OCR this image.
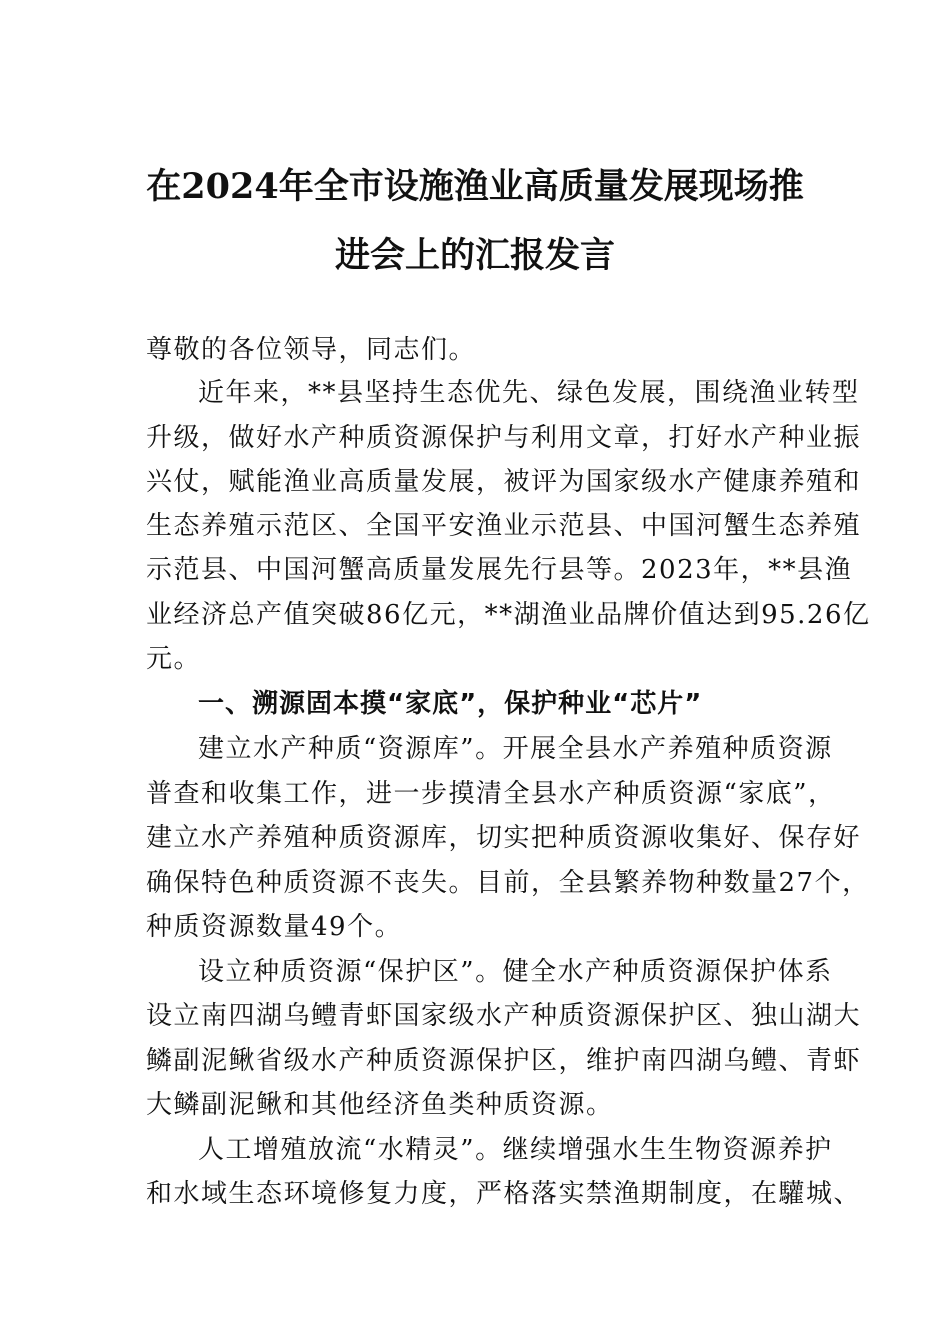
在2024年全市设施渔业高质量发展现场推
进会上的汇报发言
尊敬的各位领导，同志们。
近年来，**县坚持生态优先、绿色发展，围绕渔业转型
升级，做好水产种质资源保护与利用文章，打好水产种业振
兴仗，赋能渔业高质量发展，被评为国家级水产健康养殖和
生态养殖示范区、全国平安渔业示范县、中国河蟹生态养殖
示范县、中国河蟹高质量发展先行县等。2023年，**县渔
业经济总产值突破86亿元，**湖渔业品牌价值达到95.26亿
元。
一、溯源固本摸“家底”，保护种业“芯片”
建立水产种质“资源库”。开展全县水产养殖种质资源
普查和收集工作，进一步摸清全县水产种质资源“家底”，
建立水产养殖种质资源库，切实把种质资源收集好、保存好
确保特色种质资源不丧失。目前，全县繁养物种数量27个，
种质资源数量49个。
设立种质资源“保护区”。健全水产种质资源保护体系
设立南四湖乌鳢青虾国家级水产种质资源保护区、独山湖大
鳞副泥鳅省级水产种质资源保护区，维护南四湖乌鳢、青虾
大鳞副泥鳅和其他经济鱼类种质资源。
人工增殖放流“水精灵”。继续增强水生生物资源养护
和水域生态环境修复力度，严格落实禁渔期制度，在驩城、
